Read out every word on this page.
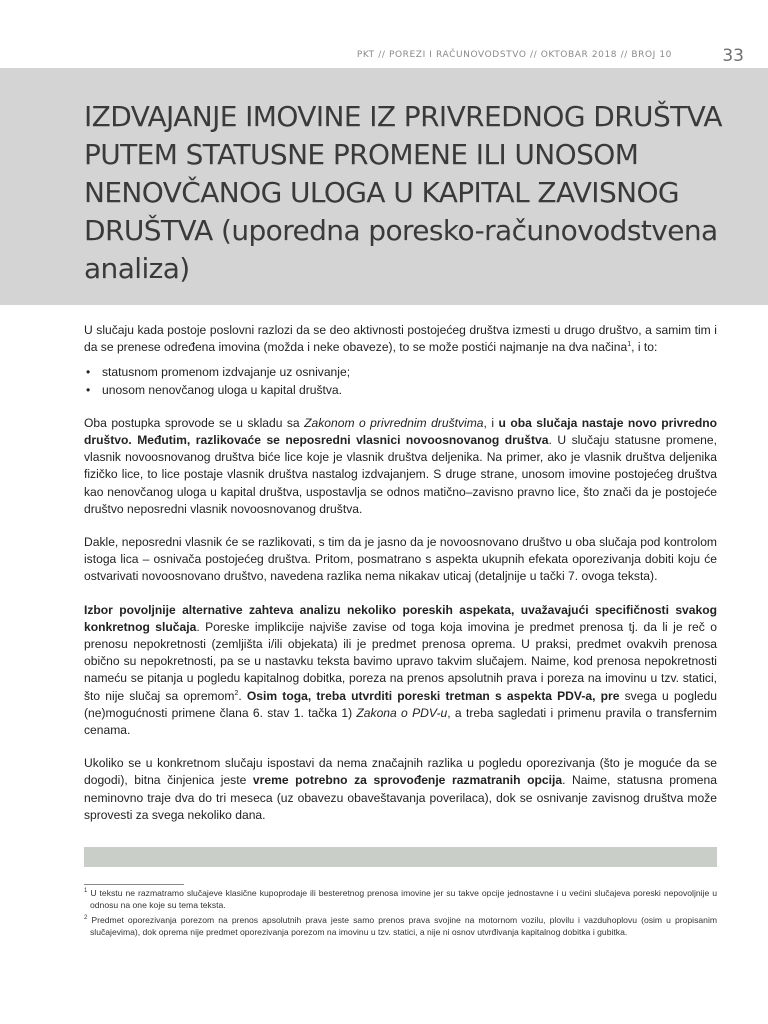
PKT // POREZI I RAČUNOVODSTVO // OKTOBAR 2018 // BROJ 10	33
IZDVAJANJE IMOVINE IZ PRIVREDNOG DRUŠTVA PUTEM STATUSNE PROMENE ILI UNOSOM NENOVČANOG ULOGA U KAPITAL ZAVISNOG DRUŠTVA (uporedna poresko-računovodstvena analiza)

U slučaju kada postoje poslovni razlozi da se deo aktivnosti postojećeg društva izmesti u drugo društvo, a samim tim i da se prenese određena imovina (možda i neke obaveze), to se može postići najmanje na dva načina$^1$, i to:

• statusnom promenom izdvajanje uz osnivanje;
• unosom nenovčanog uloga u kapital društva.

Oba postupka sprovode se u skladu sa Zakonom o privrednim društvima, i u oba slučaja nastaje novo privredno društvo. Međutim, razlikovaće se neposredni vlasnici novoosnovanog društva. U slučaju statusne promene, vlasnik novoosnovanog društva biće lice koje je vlasnik društva deljenika. Na primer, ako je vlasnik društva deljenika fizičko lice, to lice postaje vlasnik društva nastalog izdvajanjem. S druge strane, unosom imovine postojećeg društva kao nenovčanog uloga u kapital društva, uspostavlja se odnos matično–zavisno pravno lice, što znači da je postojeće društvo neposredni vlasnik novoosnovanog društva.

Dakle, neposredni vlasnik će se razlikovati, s tim da je jasno da je novoosnovano društvo u oba slučaja pod kontrolom istoga lica – osnivača postojećeg društva. Pritom, posmatrano s aspekta ukupnih efekata oporezivanja dobiti koju će ostvarivati novoosnovano društvo, navedena razlika nema nikakav uticaj (detaljnije u tački 7. ovoga teksta).

Izbor povoljnije alternative zahteva analizu nekoliko poreskih aspekata, uvažavajući specifičnosti svakog konkretnog slučaja. Poreske implikcije najviše zavise od toga koja imovina je predmet prenosa tj. da li je reč o prenosu nepokretnosti (zemljišta i/ili objekata) ili je predmet prenosa oprema. U praksi, predmet ovakvih prenosa obično su nepokretnosti, pa se u nastavku teksta bavimo upravo takvim slučajem. Naime, kod prenosa nepokretnosti nameću se pitanja u pogledu kapitalnog dobitka, poreza na prenos apsolutnih prava i poreza na imovinu u tzv. statici, što nije slučaj sa opremom$^2$. Osim toga, treba utvrditi poreski tretman s aspekta PDV-a, pre svega u pogledu (ne)mogućnosti primene člana 6. stav 1. tačka 1) Zakona o PDV-u, a treba sagledati i primenu pravila o transfernim cenama.

Ukoliko se u konkretnom slučaju ispostavi da nema značajnih razlika u pogledu oporezivanja (što je moguće da se dogodi), bitna činjenica jeste vreme potrebno za sprovođenje razmatranih opcija. Naime, statusna promena neminovno traje dva do tri meseca (uz obavezu obaveštavanja poverilaca), dok se osnivanje zavisnog društva može sprovesti za svega nekoliko dana.

$^1$ U tekstu ne razmatramo slučajeve klasične kupoprodaje ili besteretnog prenosa imovine jer su takve opcije jednostavne i u većini slučajeva poreski nepovoljnije u odnosu na one koje su tema teksta.

$^2$ Predmet oporezivanja porezom na prenos apsolutnih prava jeste samo prenos prava svojine na motornom vozilu, plovilu i vazduhoplovu (osim u propisanim slučajevima), dok oprema nije predmet oporezivanja porezom na imovinu u tzv. statici, a nije ni osnov utvrđivanja kapitalnog dobitka i gubitka.
